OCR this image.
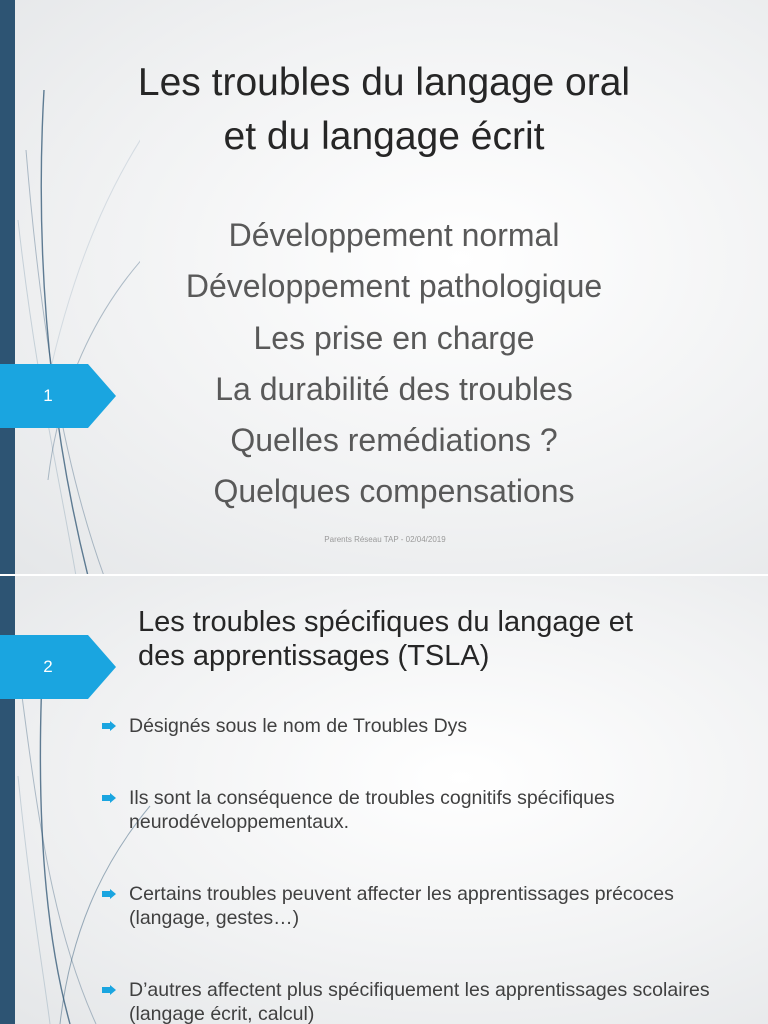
1
Les troubles du langage oral
et du langage écrit
Développement normal
Développement pathologique
Les prise en charge
La durabilité des troubles
Quelles remédiations ?
Quelques compensations
Parents Réseau TAP - 02/04/2019
2
Les troubles spécifiques du langage et
des apprentissages (TSLA)
Désignés sous le nom de Troubles Dys
Ils sont la conséquence de troubles cognitifs spécifiques neurodéveloppementaux.
Certains troubles peuvent affecter les apprentissages précoces (langage, gestes…)
D’autres affectent plus spécifiquement les apprentissages scolaires (langage écrit, calcul)
